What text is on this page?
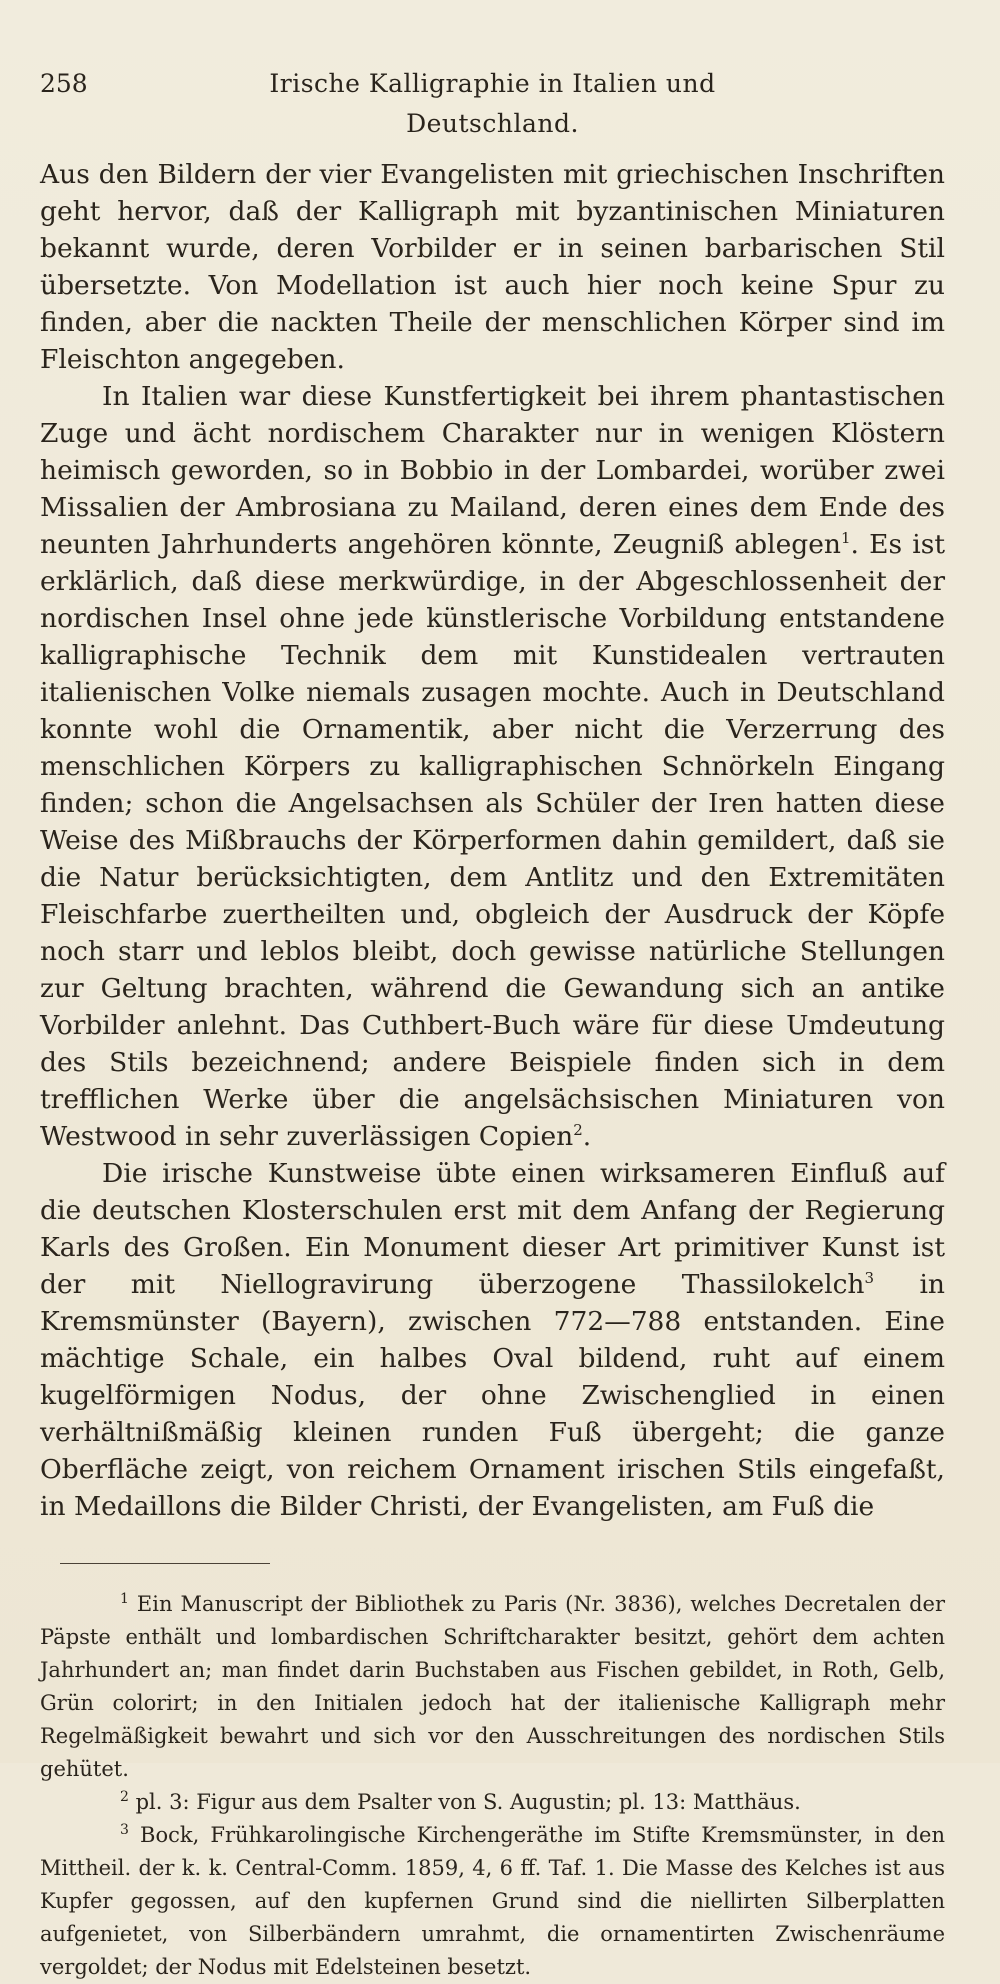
258	Irische Kalligraphie in Italien und Deutschland.

Aus den Bildern der vier Evangelisten mit griechischen Inschriften geht hervor, daß der Kalligraph mit byzantinischen Miniaturen bekannt wurde, deren Vorbilder er in seinen barbarischen Stil übersetzte. Von Modellation ist auch hier noch keine Spur zu finden, aber die nackten Theile der menschlichen Körper sind im Fleischton angegeben.

In Italien war diese Kunstfertigkeit bei ihrem phantastischen Zuge und ächt nordischem Charakter nur in wenigen Klöstern heimisch geworden, so in Bobbio in der Lombardei, worüber zwei Missalien der Ambrosiana zu Mailand, deren eines dem Ende des neunten Jahrhunderts angehören könnte, Zeugniß ablegen$^1$. Es ist erklärlich, daß diese merkwürdige, in der Abgeschlossenheit der nordischen Insel ohne jede künstlerische Vorbildung entstandene kalligraphische Technik dem mit Kunstidealen vertrauten italienischen Volke niemals zusagen mochte. Auch in Deutschland konnte wohl die Ornamentik, aber nicht die Verzerrung des menschlichen Körpers zu kalligraphischen Schnörkeln Eingang finden; schon die Angelsachsen als Schüler der Iren hatten diese Weise des Mißbrauchs der Körperformen dahin gemildert, daß sie die Natur berücksichtigten, dem Antlitz und den Extremitäten Fleischfarbe zuertheilten und, obgleich der Ausdruck der Köpfe noch starr und leblos bleibt, doch gewisse natürliche Stellungen zur Geltung brachten, während die Gewandung sich an antike Vorbilder anlehnt. Das Cuthbert-Buch wäre für diese Umdeutung des Stils bezeichnend; andere Beispiele finden sich in dem trefflichen Werke über die angelsächsischen Miniaturen von Westwood in sehr zuverlässigen Copien$^2$.

Die irische Kunstweise übte einen wirksameren Einfluß auf die deutschen Klosterschulen erst mit dem Anfang der Regierung Karls des Großen. Ein Monument dieser Art primitiver Kunst ist der mit Niellogravirung überzogene Thassilokelch$^3$ in Kremsmünster (Bayern), zwischen 772—788 entstanden. Eine mächtige Schale, ein halbes Oval bildend, ruht auf einem kugelförmigen Nodus, der ohne Zwischenglied in einen verhältnißmäßig kleinen runden Fuß übergeht; die ganze Oberfläche zeigt, von reichem Ornament irischen Stils eingefaßt, in Medaillons die Bilder Christi, der Evangelisten, am Fuß die

$^1$ Ein Manuscript der Bibliothek zu Paris (Nr. 3836), welches Decretalen der Päpste enthält und lombardischen Schriftcharakter besitzt, gehört dem achten Jahrhundert an; man findet darin Buchstaben aus Fischen gebildet, in Roth, Gelb, Grün colorirt; in den Initialen jedoch hat der italienische Kalligraph mehr Regelmäßigkeit bewahrt und sich vor den Ausschreitungen des nordischen Stils gehütet.

$^2$ pl. 3: Figur aus dem Psalter von S. Augustin; pl. 13: Matthäus.

$^3$ Bock, Frühkarolingische Kirchengeräthe im Stifte Kremsmünster, in den Mittheil. der k. k. Central-Comm. 1859, 4, 6 ff. Taf. 1. Die Masse des Kelches ist aus Kupfer gegossen, auf den kupfernen Grund sind die niellirten Silberplatten aufgenietet, von Silberbändern umrahmt, die ornamentirten Zwischenräume vergoldet; der Nodus mit Edelsteinen besetzt.
